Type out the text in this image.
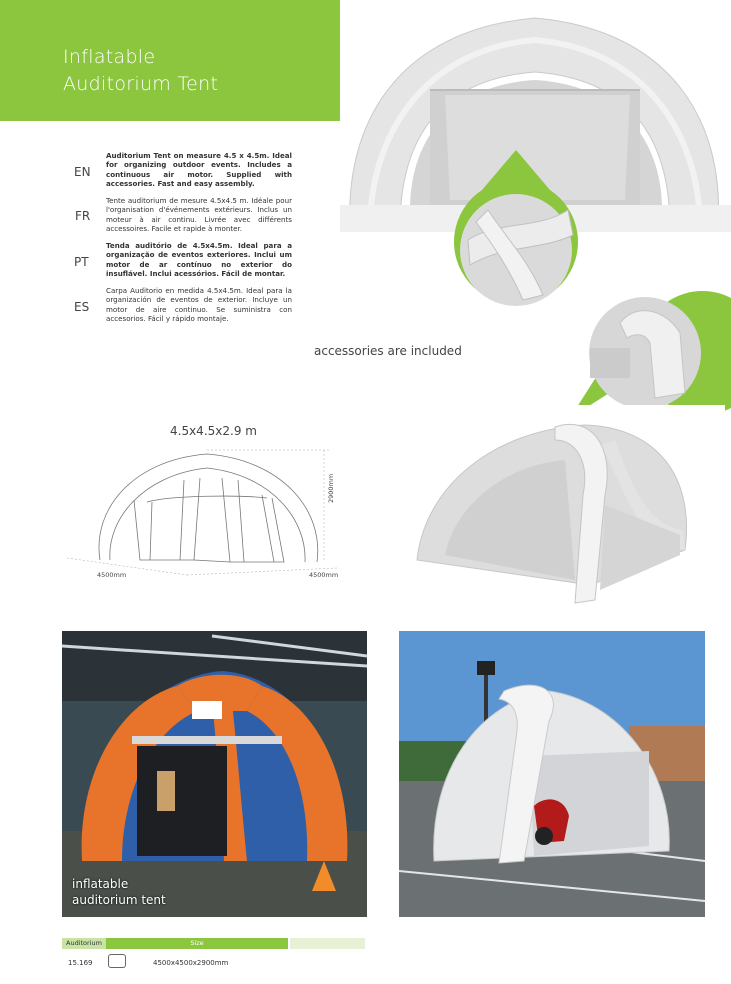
Inflatable
Auditorium Tent
EN
Auditorium Tent on measure 4.5 x 4.5m. Ideal for organizing outdoor events. Includes a continuous air motor. Supplied with accessories. Fast and easy assembly.
FR
Tente auditorium de mesure 4.5x4.5 m. Idéale pour l'organisation d'événements extérieurs. Inclus un moteur à air continu. Livrée avec différents accessoires. Facile et rapide à monter.
PT
Tenda auditório de 4.5x4.5m. Ideal para a organização de eventos exteriores. Inclui um motor de ar contínuo no exterior do insuflável. Inclui acessórios. Fácil de montar.
ES
Carpa Auditorio en medida 4.5x4.5m. Ideal para la organización de eventos de exterior. Incluye un motor de aire continuo. Se suministra con accesorios. Fácil y rápido montaje.
accessories are included
4.5x4.5x2.9 m
4500mm	4500mm
2900mm
inflatable
auditorium tent
Auditorium	Size
15.169	4500x4500x2900mm
